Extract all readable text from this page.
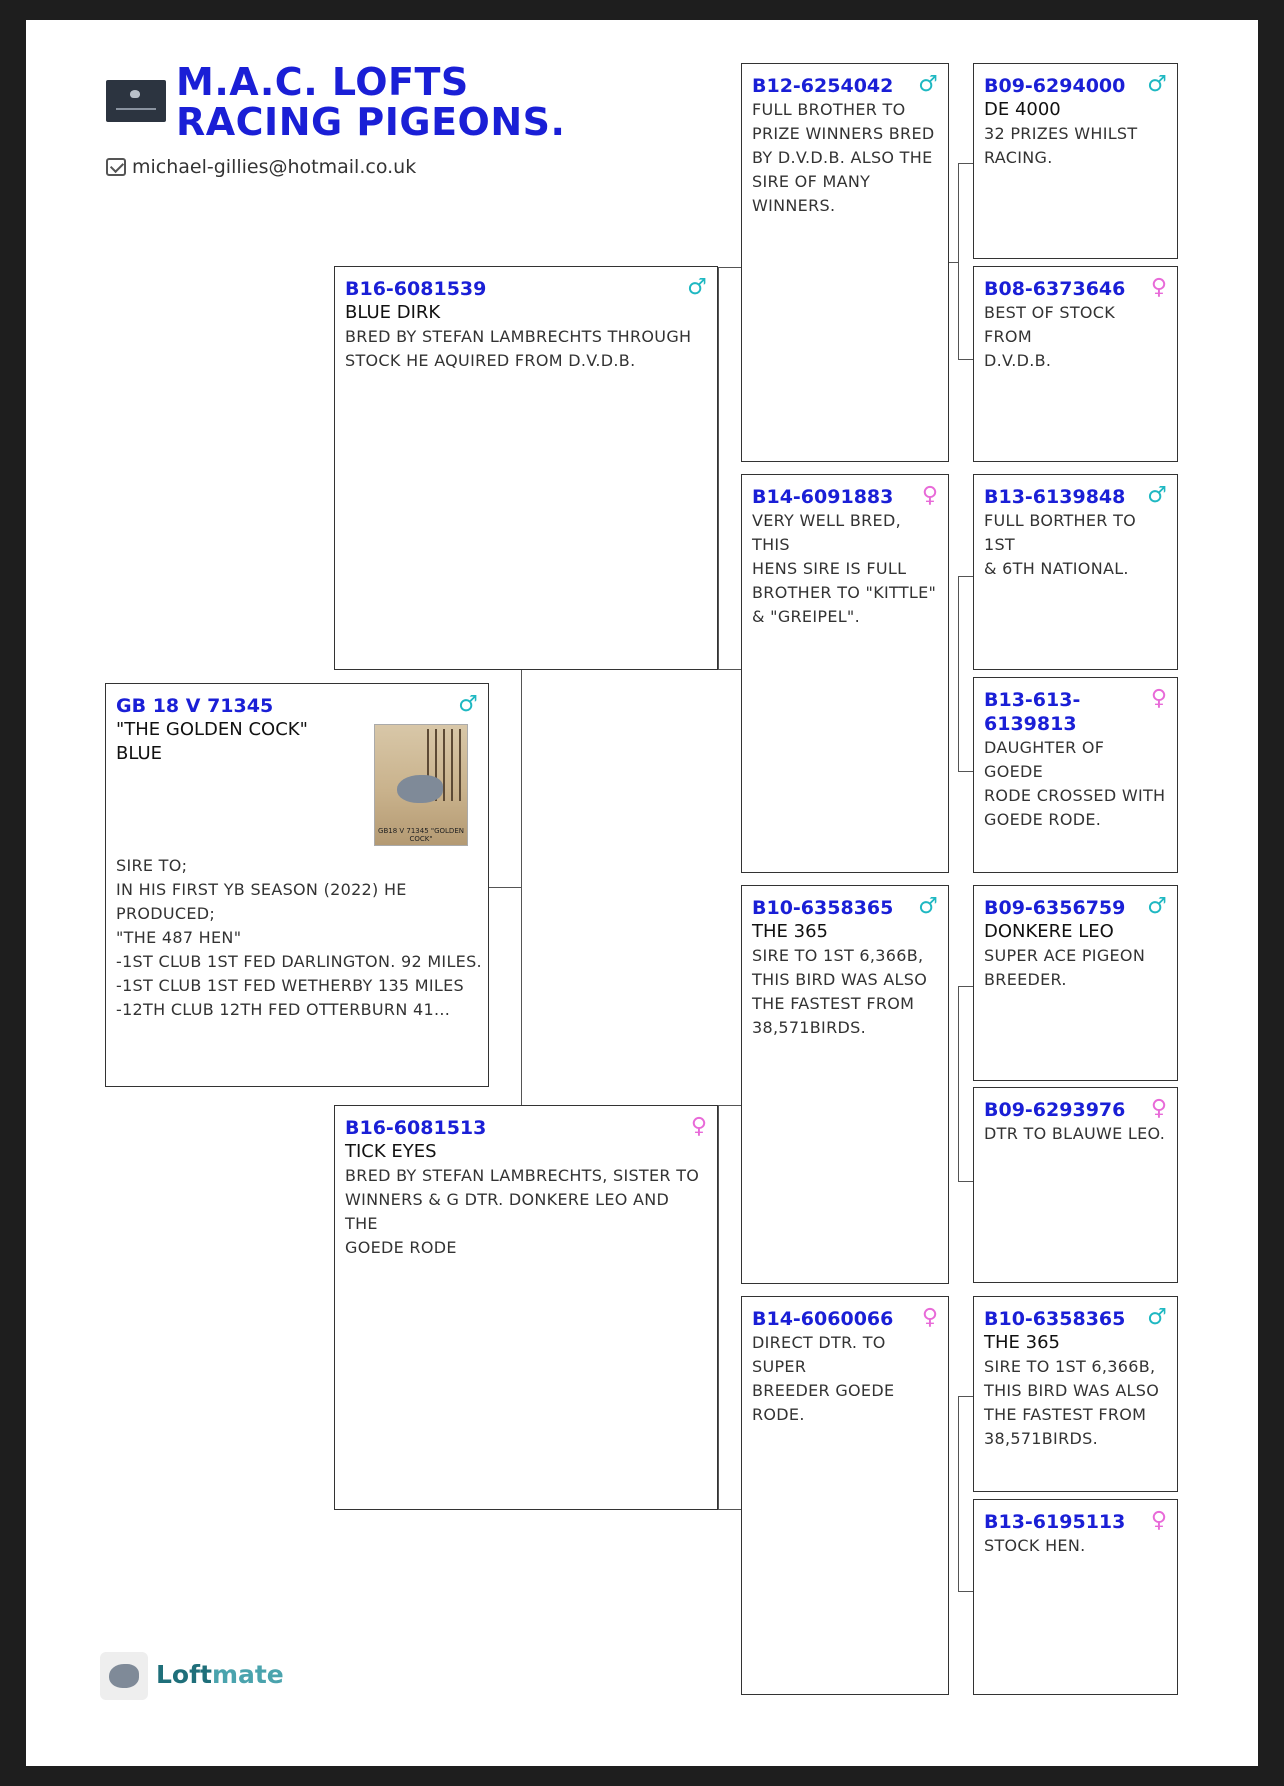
M.A.C. LOFTS RACING PIGEONS.
michael-gillies@hotmail.co.uk
GB 18 V 71345
"THE GOLDEN COCK"
BLUE
♂
GB18 V 71345 "GOLDEN COCK"
SIRE TO;
IN HIS FIRST YB SEASON (2022) HE
PRODUCED;
"THE 487 HEN"
-1ST CLUB 1ST FED DARLINGTON. 92 MILES.
-1ST CLUB 1ST FED WETHERBY 135 MILES
-12TH CLUB 12TH FED OTTERBURN 41...
B16-6081539
BLUE DIRK
BRED BY STEFAN LAMBRECHTS THROUGH
STOCK HE AQUIRED FROM D.V.D.B.
♂
B16-6081513
TICK EYES
BRED BY STEFAN LAMBRECHTS, SISTER TO
WINNERS & G DTR. DONKERE LEO AND THE
GOEDE RODE
♀
B12-6254042
FULL BROTHER TO
PRIZE WINNERS BRED
BY D.V.D.B. ALSO THE
SIRE OF MANY
WINNERS.
♂
B14-6091883
VERY WELL BRED, THIS
HENS SIRE IS FULL
BROTHER TO "KITTLE"
& "GREIPEL".
♀
B10-6358365
THE 365
SIRE TO 1ST 6,366B,
THIS BIRD WAS ALSO
THE FASTEST FROM
38,571BIRDS.
♂
B14-6060066
DIRECT DTR. TO SUPER
BREEDER GOEDE
RODE.
♀
B09-6294000
DE 4000
32 PRIZES WHILST
RACING.
♂
B08-6373646
BEST OF STOCK FROM
D.V.D.B.
♀
B13-6139848
FULL BORTHER TO 1ST
& 6TH NATIONAL.
♂
B13-613-6139813
DAUGHTER OF GOEDE
RODE CROSSED WITH
GOEDE RODE.
♀
B09-6356759
DONKERE LEO
SUPER ACE PIGEON
BREEDER.
♂
B09-6293976
DTR TO BLAUWE LEO.
♀
B10-6358365
THE 365
SIRE TO 1ST 6,366B,
THIS BIRD WAS ALSO
THE FASTEST FROM
38,571BIRDS.
♂
B13-6195113
STOCK HEN.
♀
Loftmate
